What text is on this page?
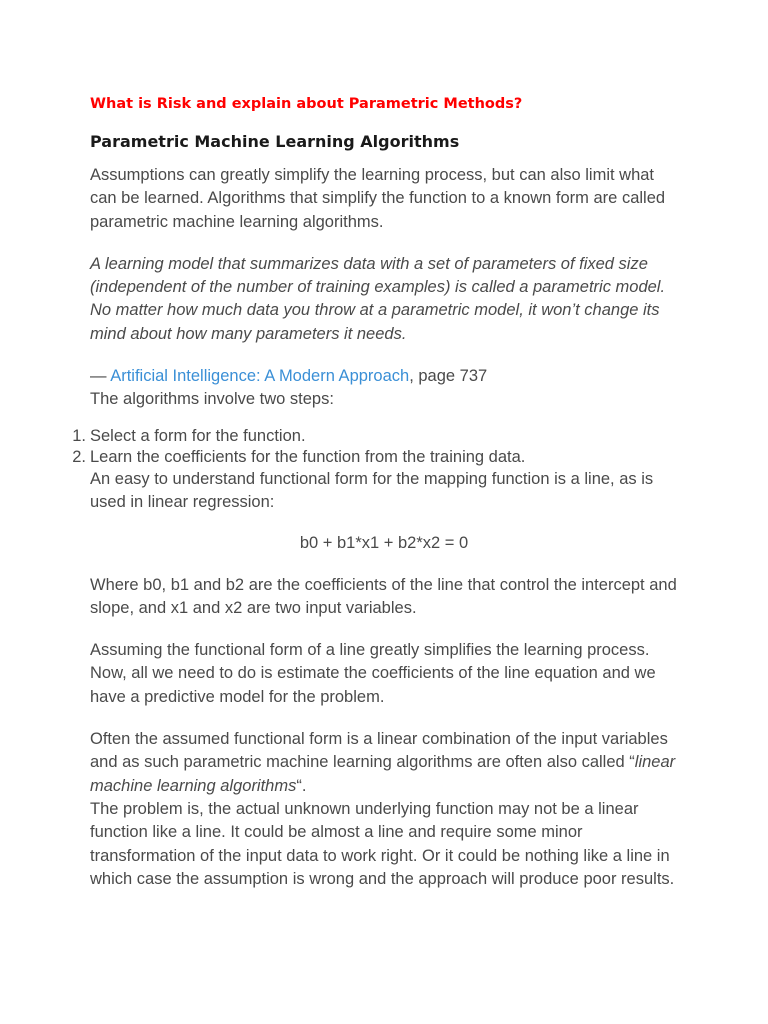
What is Risk and explain about Parametric Methods?
Parametric Machine Learning Algorithms

Assumptions can greatly simplify the learning process, but can also limit what can be learned. Algorithms that simplify the function to a known form are called parametric machine learning algorithms.

A learning model that summarizes data with a set of parameters of fixed size (independent of the number of training examples) is called a parametric model. No matter how much data you throw at a parametric model, it won’t change its mind about how many parameters it needs.

— Artificial Intelligence: A Modern Approach, page 737

The algorithms involve two steps:

1. Select a form for the function.
2. Learn the coefficients for the function from the training data.

An easy to understand functional form for the mapping function is a line, as is used in linear regression:

b0 + b1*x1 + b2*x2 = 0

Where b0, b1 and b2 are the coefficients of the line that control the intercept and slope, and x1 and x2 are two input variables.

Assuming the functional form of a line greatly simplifies the learning process. Now, all we need to do is estimate the coefficients of the line equation and we have a predictive model for the problem.

Often the assumed functional form is a linear combination of the input variables and as such parametric machine learning algorithms are often also called “linear machine learning algorithms“.

The problem is, the actual unknown underlying function may not be a linear function like a line. It could be almost a line and require some minor transformation of the input data to work right. Or it could be nothing like a line in which case the assumption is wrong and the approach will produce poor results.
